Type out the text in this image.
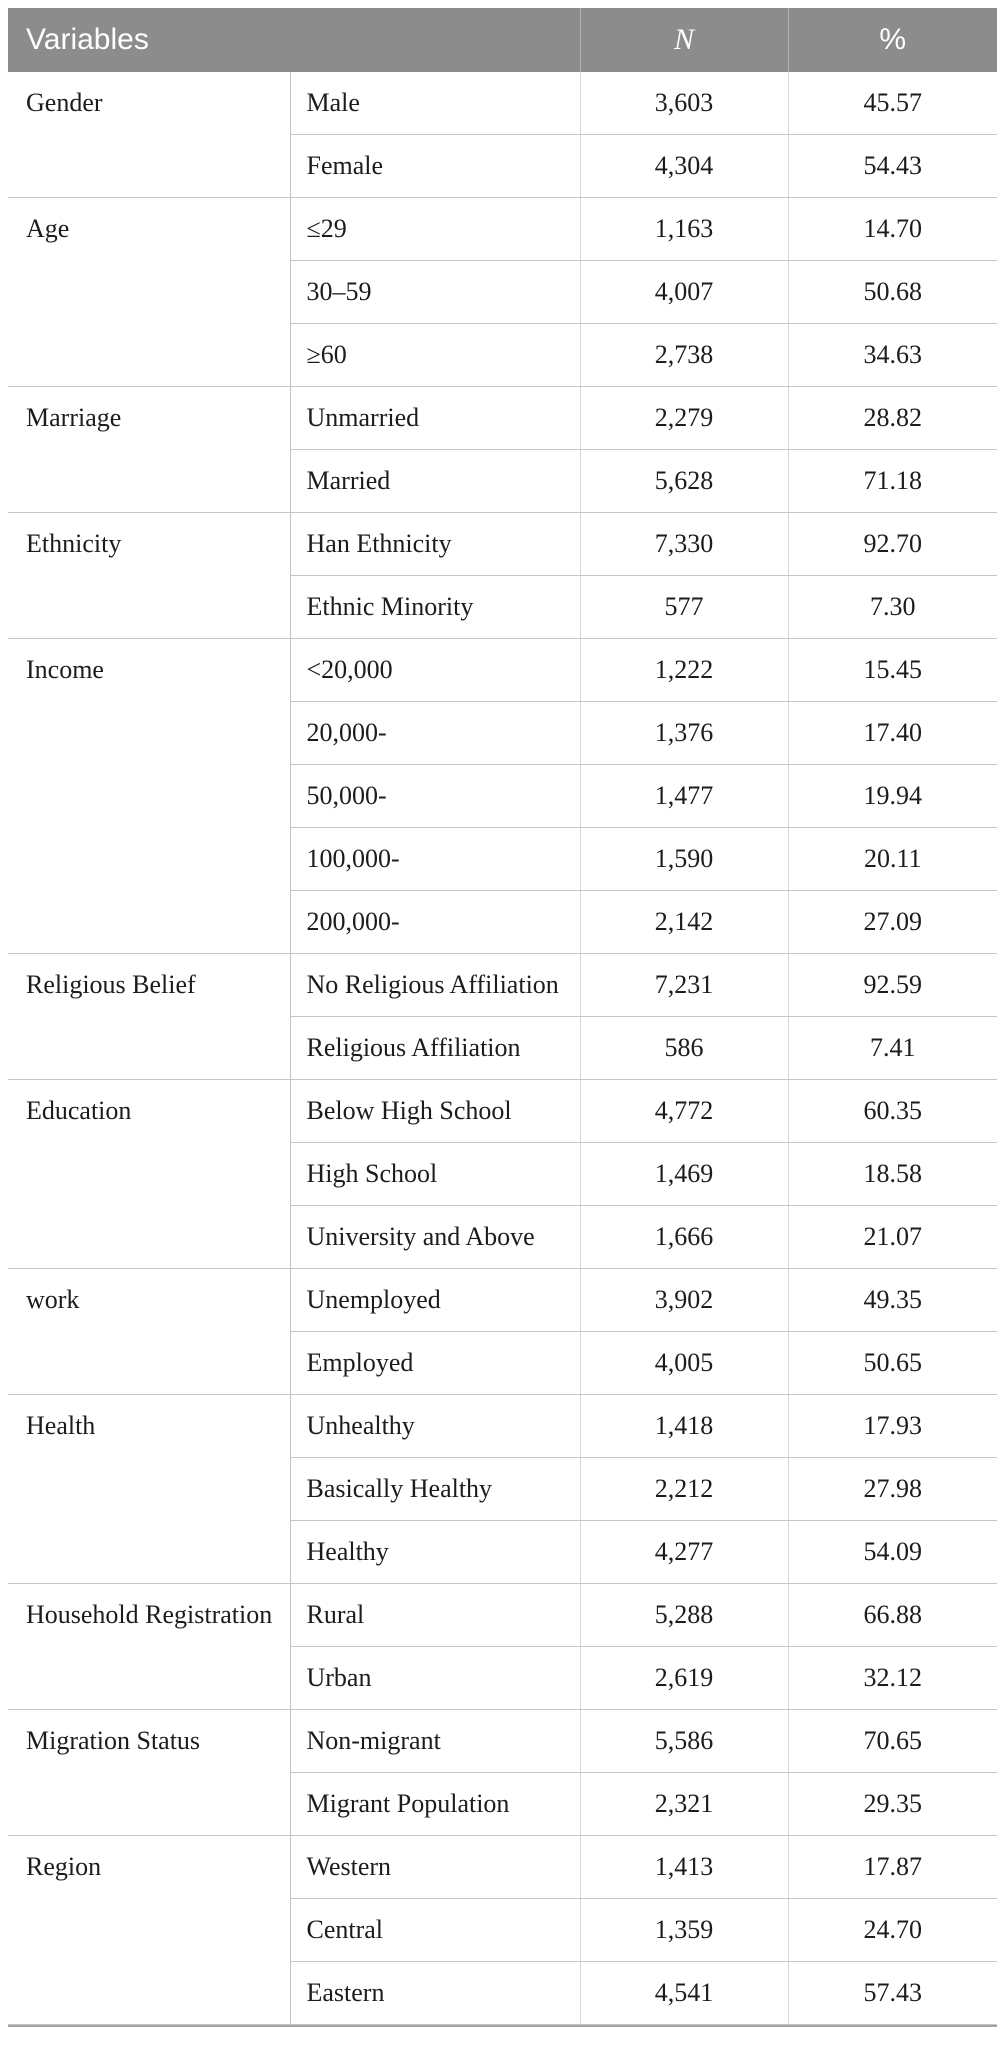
Variables		N	%
Gender	Male	3,603	45.57
	Female	4,304	54.43
Age	≤29	1,163	14.70
	30–59	4,007	50.68
	≥60	2,738	34.63
Marriage	Unmarried	2,279	28.82
	Married	5,628	71.18
Ethnicity	Han Ethnicity	7,330	92.70
	Ethnic Minority	577	7.30
Income	<20,000	1,222	15.45
	20,000-	1,376	17.40
	50,000-	1,477	19.94
	100,000-	1,590	20.11
	200,000-	2,142	27.09
Religious Belief	No Religious Affiliation	7,231	92.59
	Religious Affiliation	586	7.41
Education	Below High School	4,772	60.35
	High School	1,469	18.58
	University and Above	1,666	21.07
work	Unemployed	3,902	49.35
	Employed	4,005	50.65
Health	Unhealthy	1,418	17.93
	Basically Healthy	2,212	27.98
	Healthy	4,277	54.09
Household Registration	Rural	5,288	66.88
	Urban	2,619	32.12
Migration Status	Non-migrant	5,586	70.65
	Migrant Population	2,321	29.35
Region	Western	1,413	17.87
	Central	1,359	24.70
	Eastern	4,541	57.43
